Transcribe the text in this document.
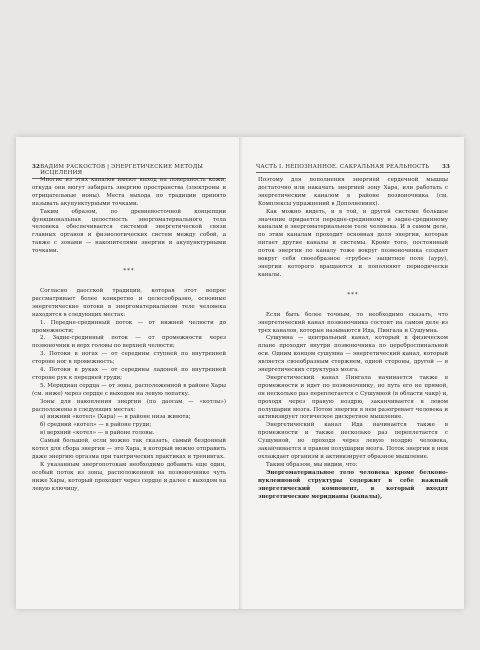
32 ВАДИМ РАСКОСТОВ | ЭНЕРГЕТИЧЕСКИЕ МЕТОДЫ ИСЦЕЛЕНИЯ

Многие из этих каналов имеют выход на поверхность кожи, откуда они могут забирать энергию пространства (электроны и отрицательные ионы). Места выхода по традиции принято называть акупунктурными точками.

Таким образом, по древневосточной концепции функциональная целостность энергоматериального тела человека обеспечивается системой энергетической связи главных органов и физиологических систем между собой, а также с зонами — накопителями энергии и акупунктурными точками.

***

Согласно даосской традиции, которая этот вопрос рассматривает более конкретно и целесообразно, основные энергетические потоки в энергоматериальном теле человека находятся в следующих местах:

1. Переднe-срединный поток — от нижней челюсти до промежности;

2. Задне-срединный поток — от промежности через позвоночник и верх головы по верхней челюсти;

3. Потоки в ногах — от середины ступней по внутренней стороне ног в промежность;

4. Потоки в руках — от середины ладоней по внутренней стороне рук к передней груди;

5. Меридиан сердца — от зоны, расположенной в районе Хары (см. ниже) через сердце с выходом на левую лопатку.

Зоны для накопления энергии (по даосам — «котлы») расположены в следующих местах:

а) нижний «котел» (Хара) — в районе низа живота;

б) средний «котел» — в районе груди;

в) верхний «котел» — в районе головы.

Самый большой, если можно так сказать, самый бездонный котел для сбора энергии — это Хара, в который можно отправить даже энергию оргазма при тантрических практиках и тренингах.

К указанным энергопотокам необходимо добавить еще один, особый поток из зоны, расположенной на позвоночнике чуть ниже Хары, который проходит через сердце и далее с выходом на левую ключицу,

ЧАСТЬ I. НЕПОЗНАННОЕ. САКРАЛЬНАЯ РЕАЛЬНОСТЬ 33

Поэтому для пополнения энергией сердечной мышцы достаточно или накачать энергией зону Хара, или работать с энергетическим каналом в районе позвоночника (см. Комплексы упражнений в Дополнениях).

Как можно видеть, и в той, и другой системе большое значение придается переднe-срединному и заднe-срединному каналам в энергоматериальном теле человека. И в самом деле, по этим каналам проходит основная доля энергии, которая питает другие каналы и системы. Кроме того, постоянный поток энергии по каналу тоже вокруг позвоночника создает вокруг себя своеобразное «грубое» защитное поле (ауру), энергии которого вращаются и пополняют периодически каналы.

***

Если быть более точным, то необходимо сказать, что энергетический канал позвоночника состоит на самом деле из трех каналов, которые называются Ида, Пингала и Сушумна.

Сушумна — центральный канал, который в физическом плане проходит внутри позвоночника по цереброспинальной оси. Одним концом сушумна — энергетический канал, который является своеобразным стержнем, одной стороны, другой — в энергетических структурах мозга.

Энергетический канал Пингала начинается также в промежности и идет по позвоночнику, но путь его не прямой, он несколько раз переплетается с Сушумной (в области чакр) и, проходя через правую ноздрю, заканчивается в левом полушарии мозга. Потом энергии в нем разогревает человека и активизирует логическое дискретное мышление.

Энергетический канал Ида начинается также в промежности и также несколько раз переплетается с Сушумной, но проходя через левую ноздрю человека, заканчивается в правом полушарии мозга. Поток энергии в нем охлаждает организм и активизирует образное мышление.

Таким образом, мы видим, что:

Энергоматериальное тело человека кроме белково-нуклеиновой структуры содержит в себе важный энергетический компонент, в который входят энергетические меридианы (каналы),
